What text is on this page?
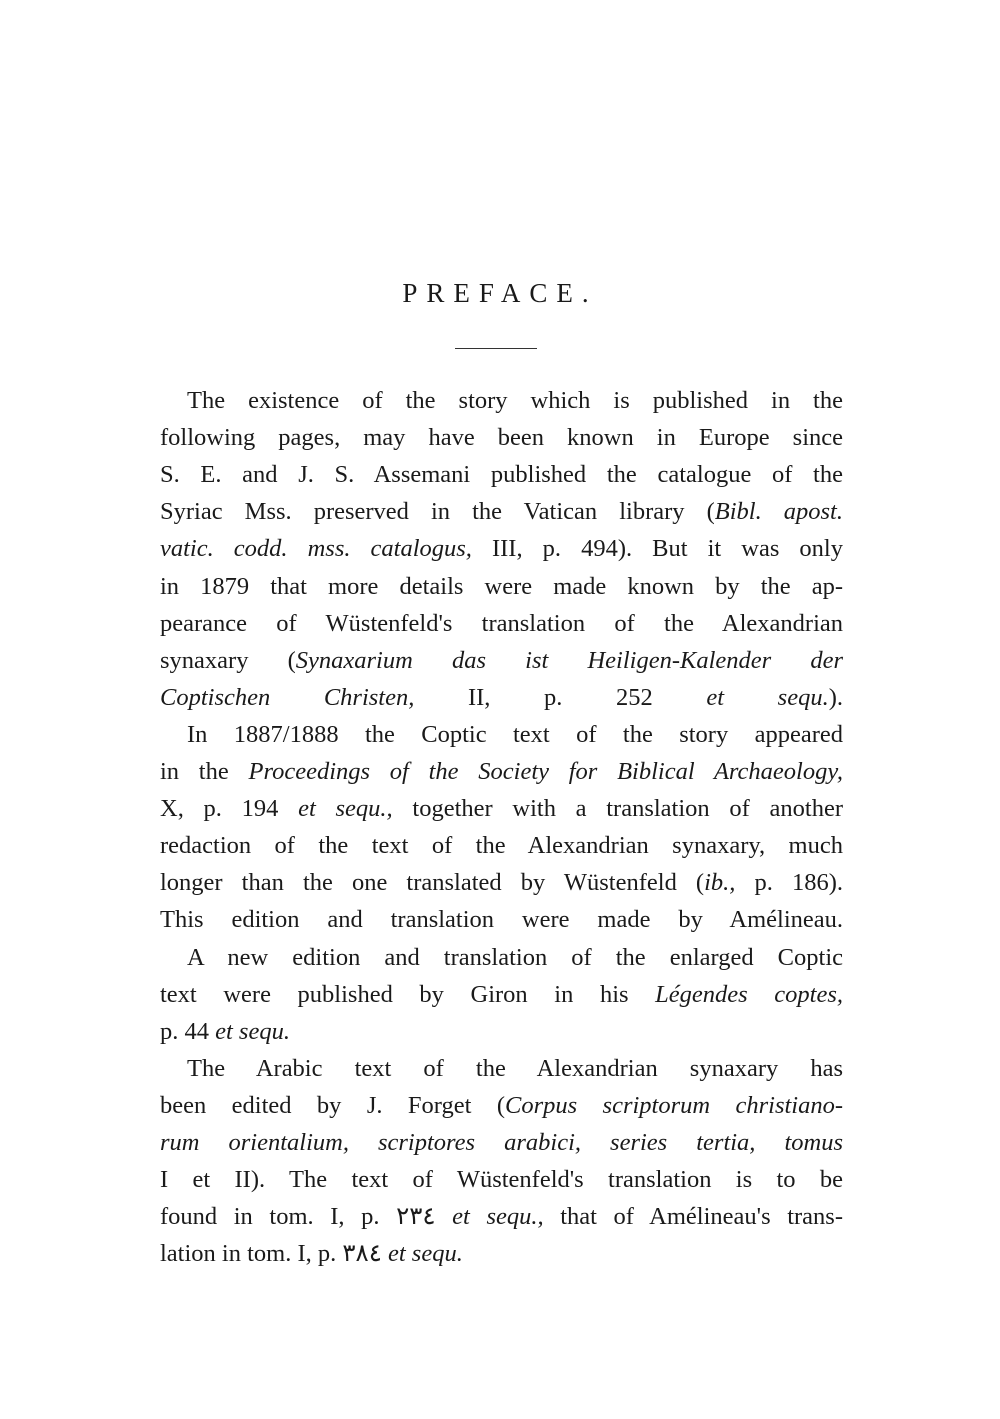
PREFACE.
The existence of the story which is published in the
following pages, may have been known in Europe since
S. E. and J. S. Assemani published the catalogue of the
Syriac Mss. preserved in the Vatican library (Bibl. apost.
vatic. codd. mss. catalogus, III, p. 494). But it was only
in 1879 that more details were made known by the ap-
pearance of Wüstenfeld's translation of the Alexandrian
synaxary (Synaxarium das ist Heiligen-Kalender der
Coptischen Christen, II, p. 252 et sequ.).
In 1887/1888 the Coptic text of the story appeared
in the Proceedings of the Society for Biblical Archaeology,
X, p. 194 et sequ., together with a translation of another
redaction of the text of the Alexandrian synaxary, much
longer than the one translated by Wüstenfeld (ib., p. 186).
This edition and translation were made by Amélineau.
A new edition and translation of the enlarged Coptic
text were published by Giron in his Légendes coptes,
p. 44 et sequ.
The Arabic text of the Alexandrian synaxary has
been edited by J. Forget (Corpus scriptorum christiano-
rum orientalium, scriptores arabici, series tertia, tomus
I et II). The text of Wüstenfeld's translation is to be
found in tom. I, p. ٢٣٤ et sequ., that of Amélineau's trans-
lation in tom. I, p. ٣٨٤ et sequ.
